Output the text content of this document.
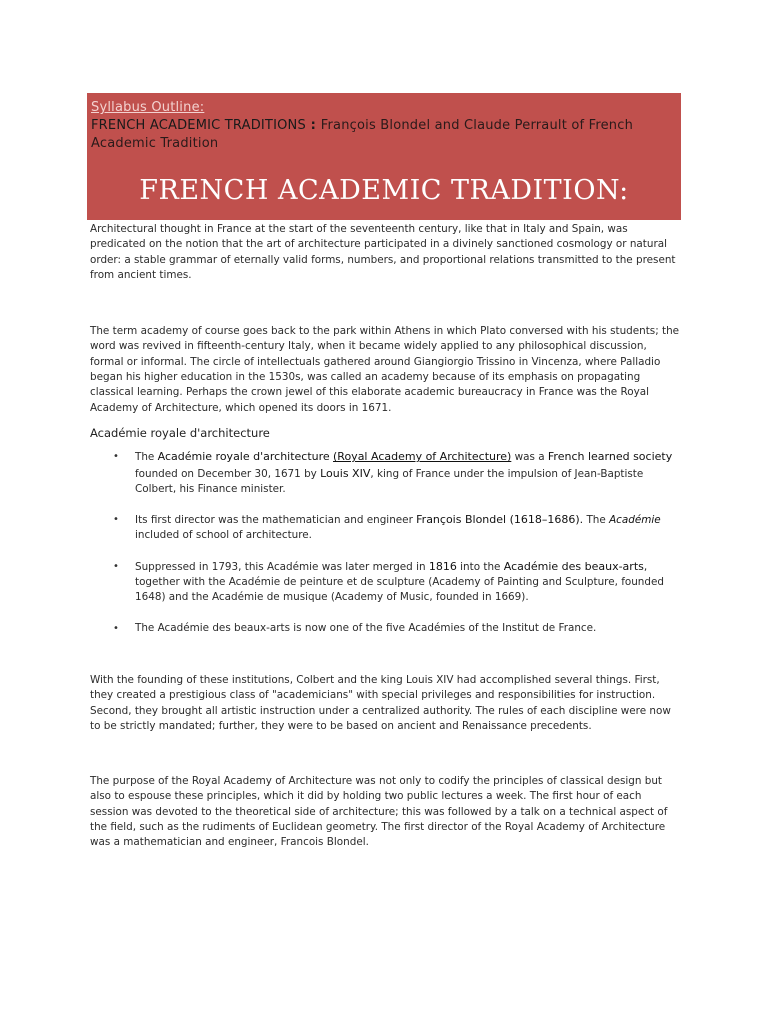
Syllabus Outline:
FRENCH ACADEMIC TRADITIONS : François Blondel and Claude Perrault of French Academic Tradition
FRENCH ACADEMIC TRADITION:

Architectural thought in France at the start of the seventeenth century, like that in Italy and Spain, was predicated on the notion that the art of architecture participated in a divinely sanctioned cosmology or natural order: a stable grammar of eternally valid forms, numbers, and proportional relations transmitted to the present from ancient times.

The term academy of course goes back to the park within Athens in which Plato conversed with his students; the word was revived in fifteenth-century Italy, when it became widely applied to any philosophical discussion, formal or informal. The circle of intellectuals gathered around Giangiorgio Trissino in Vincenza, where Palladio began his higher education in the 1530s, was called an academy because of its emphasis on propagating classical learning. Perhaps the crown jewel of this elaborate academic bureaucracy in France was the Royal Academy of Architecture, which opened its doors in 1671.

Académie royale d'architecture

• The Académie royale d'architecture (Royal Academy of Architecture) was a French learned society founded on December 30, 1671 by Louis XIV, king of France under the impulsion of Jean-Baptiste Colbert, his Finance minister.
• Its first director was the mathematician and engineer François Blondel (1618–1686). The Académie included of school of architecture.
• Suppressed in 1793, this Académie was later merged in 1816 into the Académie des beaux-arts, together with the Académie de peinture et de sculpture (Academy of Painting and Sculpture, founded 1648) and the Académie de musique (Academy of Music, founded in 1669).
• The Académie des beaux-arts is now one of the five Académies of the Institut de France.

With the founding of these institutions, Colbert and the king Louis XIV had accomplished several things. First, they created a prestigious class of "academicians" with special privileges and responsibilities for instruction. Second, they brought all artistic instruction under a centralized authority. The rules of each discipline were now to be strictly mandated; further, they were to be based on ancient and Renaissance precedents.

The purpose of the Royal Academy of Architecture was not only to codify the principles of classical design but also to espouse these principles, which it did by holding two public lectures a week. The first hour of each session was devoted to the theoretical side of architecture; this was followed by a talk on a technical aspect of the field, such as the rudiments of Euclidean geometry. The first director of the Royal Academy of Architecture was a mathematician and engineer, Francois Blondel.
